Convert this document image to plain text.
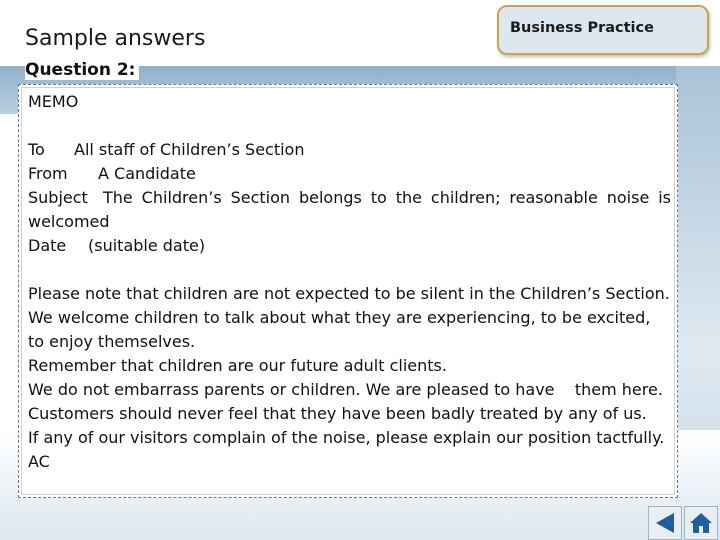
Sample answers
Question 2:
Business Practice

MEMO

To All staff of Children’s Section

From A Candidate

Subject The Children’s Section belongs to the children; reasonable noise is

welcomed

Date (suitable date)

Please note that children are not expected to be silent in the Children’s Section.

We welcome children to talk about what they are experiencing, to be excited,

to enjoy themselves.

Remember that children are our future adult clients.

We do not embarrass parents or children. We are pleased to have    them here.

Customers should never feel that they have been badly treated by any of us.

If any of our visitors complain of the noise, please explain our position tactfully.

AC
